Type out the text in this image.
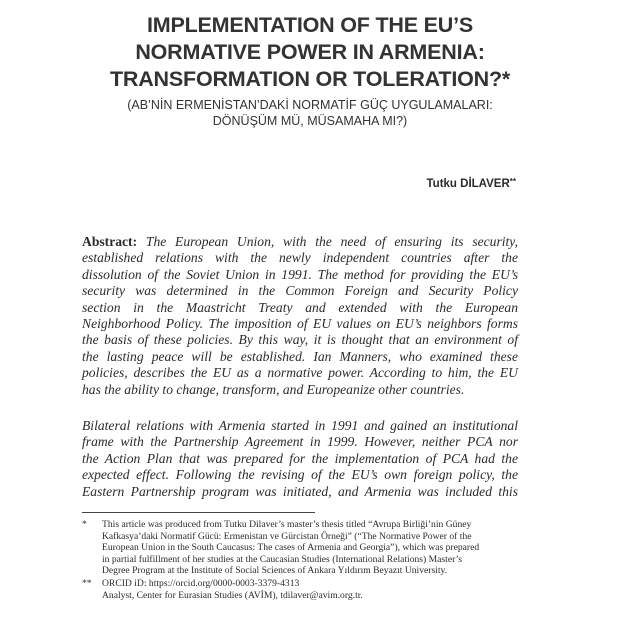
IMPLEMENTATION OF THE EU’S
NORMATIVE POWER IN ARMENIA:
TRANSFORMATION OR TOLERATION?*
(AB’NİN ERMENİSTAN’DAKİ NORMATİF GÜÇ UYGULAMALARI:
DÖNÜŞÜM MÜ, MÜSAMAHA MI?)
Tutku DİLAVER**
Abstract: The European Union, with the need of ensuring its security,
established relations with the newly independent countries after the
dissolution of the Soviet Union in 1991. The method for providing the EU’s
security was determined in the Common Foreign and Security Policy
section in the Maastricht Treaty and extended with the European
Neighborhood Policy. The imposition of EU values on EU’s neighbors forms
the basis of these policies. By this way, it is thought that an environment of
the lasting peace will be established. Ian Manners, who examined these
policies, describes the EU as a normative power. According to him, the EU
has the ability to change, transform, and Europeanize other countries.
Bilateral relations with Armenia started in 1991 and gained an institutional
frame with the Partnership Agreement in 1999. However, neither PCA nor
the Action Plan that was prepared for the implementation of PCA had the
expected effect. Following the revising of the EU’s own foreign policy, the
Eastern Partnership program was initiated, and Armenia was included this
* This article was produced from Tutku Dilaver’s master’s thesis titled “Avrupa Birliği’nin Güney
Kafkasya’daki Normatif Gücü: Ermenistan ve Gürcistan Örneği” (“The Normative Power of the
European Union in the South Caucasus: The cases of Armenia and Georgia”), which was prepared
in partial fulfillment of her studies at the Caucasian Studies (International Relations) Master’s
Degree Program at the Institute of Social Sciences of Ankara Yıldırım Beyazıt University.
** ORCID iD: https://orcid.org/0000-0003-3379-4313
Analyst, Center for Eurasian Studies (AVİM), tdilaver@avim.org.tr.
